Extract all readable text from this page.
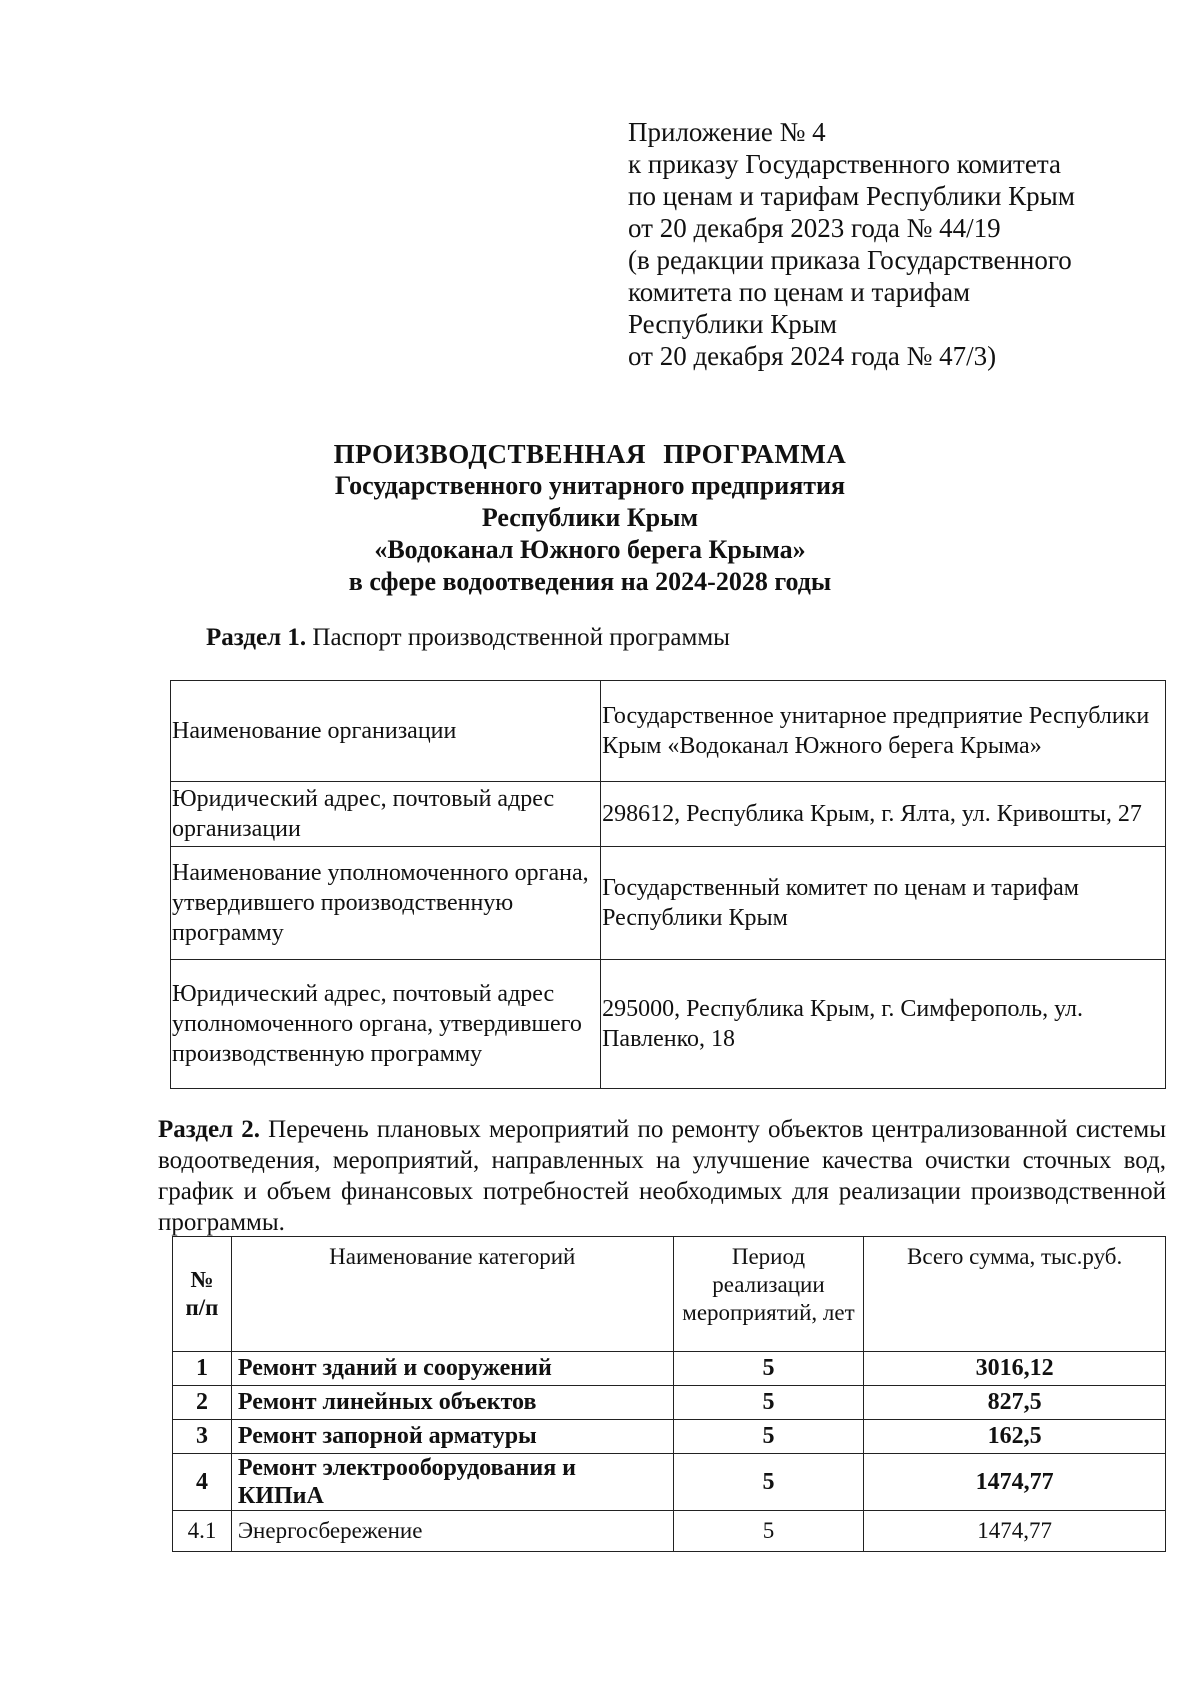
Приложение № 4
к приказу Государственного комитета
по ценам и тарифам Республики Крым
от 20 декабря 2023 года № 44/19
(в редакции приказа Государственного
комитета по ценам и тарифам
Республики Крым
от 20 декабря 2024 года № 47/3)
ПРОИЗВОДСТВЕННАЯ ПРОГРАММА
Государственного унитарного предприятия
Республики Крым
«Водоканал Южного берега Крыма»
в сфере водоотведения на 2024-2028 годы
Раздел 1. Паспорт производственной программы
Наименование организации	Государственное унитарное предприятие Республики Крым «Водоканал Южного берега Крыма»
Юридический адрес, почтовый адрес организации	298612, Республика Крым, г. Ялта, ул. Кривошты, 27
Наименование уполномоченного органа, утвердившего производственную программу	Государственный комитет по ценам и тарифам Республики Крым
Юридический адрес, почтовый адрес уполномоченного органа, утвердившего производственную программу	295000, Республика Крым, г. Симферополь, ул. Павленко, 18
Раздел 2. Перечень плановых мероприятий по ремонту объектов централизованной системы водоотведения, мероприятий, направленных на улучшение качества очистки сточных вод, график и объем финансовых потребностей необходимых для реализации производственной программы.
№ п/п	Наименование категорий	Период реализации мероприятий, лет	Всего сумма, тыс.руб.
1	Ремонт зданий и сооружений	5	3016,12
2	Ремонт линейных объектов	5	827,5
3	Ремонт запорной арматуры	5	162,5
4	Ремонт электрооборудования и КИПиА	5	1474,77
4.1	Энергосбережение	5	1474,77
